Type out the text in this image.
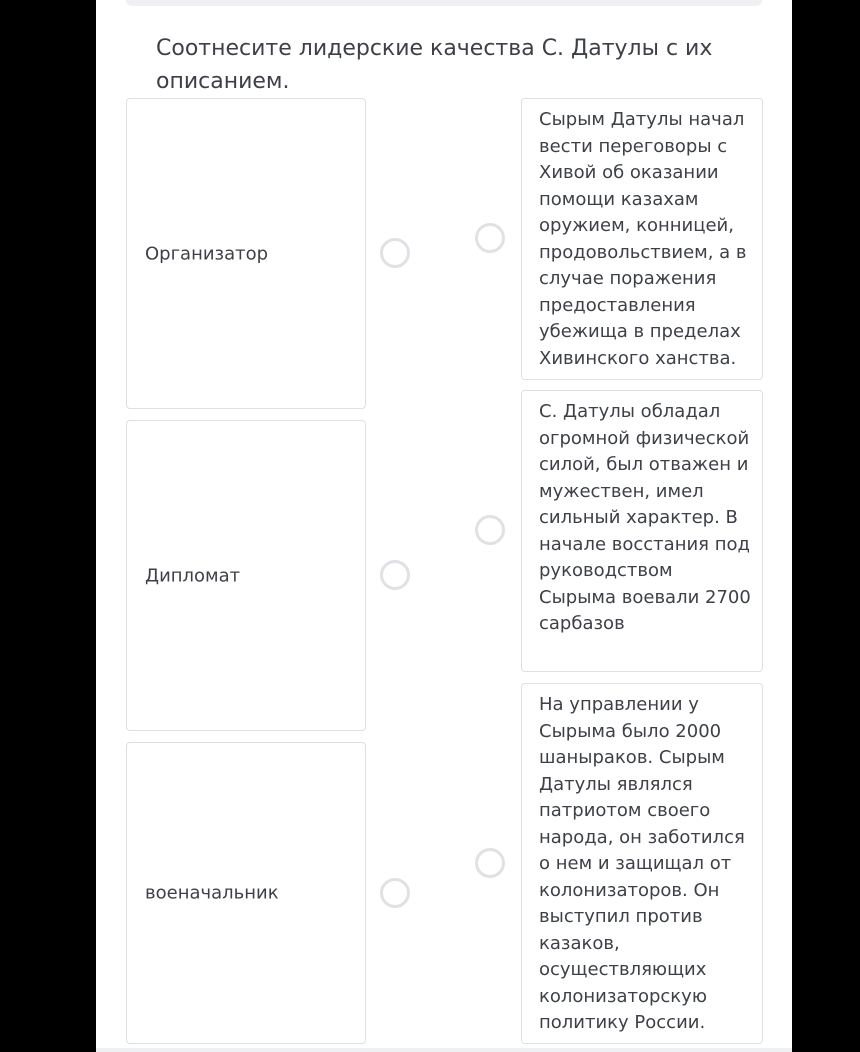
Соотнесите лидерские качества С. Датулы с их описанием.
Организатор
Дипломат
военачальник
Сырым Датулы начал вести переговоры с Хивой об оказании помощи казахам оружием, конницей, продовольствием, а в случае поражения предоставления убежища в пределах Хивинского ханства.
С. Датулы обладал огромной физической силой, был отважен и мужествен, имел сильный характер. В начале восстания под руководством Сырыма воевали 2700 сарбазов
На управлении у Сырыма было 2000 шаныраков. Сырым Датулы являлся патриотом своего народа, он заботился о нем и защищал от колонизаторов. Он выступил против казаков, осуществляющих колонизаторскую политику России.
